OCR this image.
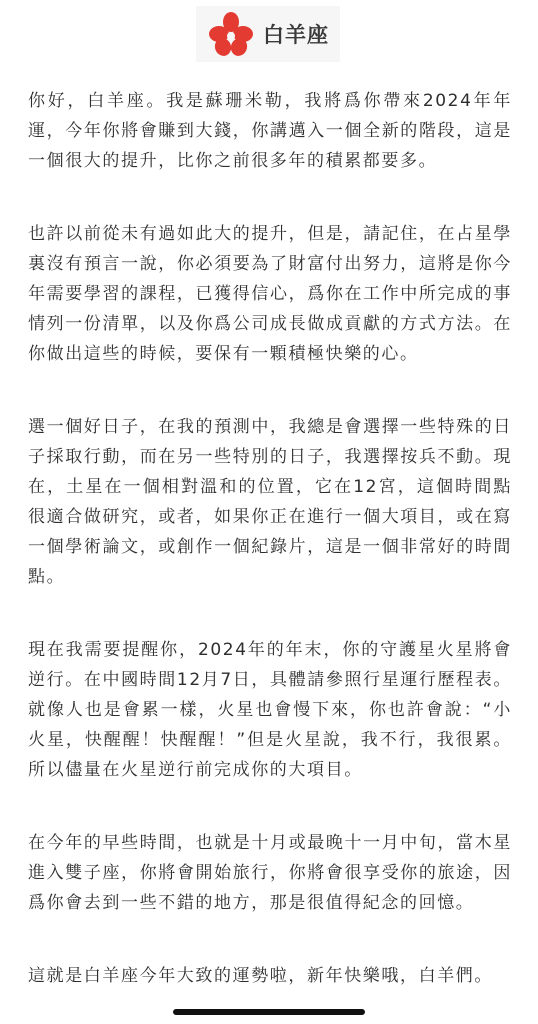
白羊座

你好，白羊座。我是蘇珊米勒，我將爲你帶來2024年年運，今年你將會賺到大錢，你講邁入一個全新的階段，這是一個很大的提升，比你之前很多年的積累都要多。

也許以前從未有過如此大的提升，但是，請記住，在占星學裏沒有預言一說，你必須要為了財富付出努力，這將是你今年需要學習的課程，已獲得信心，爲你在工作中所完成的事情列一份清單，以及你爲公司成長做成貢獻的方式方法。在你做出這些的時候，要保有一顆積極快樂的心。

選一個好日子，在我的預測中，我總是會選擇一些特殊的日子採取行動，而在另一些特別的日子，我選擇按兵不動。現在，土星在一個相對溫和的位置，它在12宮，這個時間點很適合做研究，或者，如果你正在進行一個大項目，或在寫一個學術論文，或創作一個紀錄片，這是一個非常好的時間點。

現在我需要提醒你，2024年的年末，你的守護星火星將會逆行。在中國時間12月7日，具體請參照行星運行歷程表。就像人也是會累一樣，火星也會慢下來，你也許會說：“小火星，快醒醒！快醒醒！”但是火星說，我不行，我很累。所以儘量在火星逆行前完成你的大項目。

在今年的早些時間，也就是十月或最晚十一月中旬，當木星進入雙子座，你將會開始旅行，你將會很享受你的旅途，因爲你會去到一些不錯的地方，那是很值得紀念的回憶。

這就是白羊座今年大致的運勢啦，新年快樂哦，白羊們。
